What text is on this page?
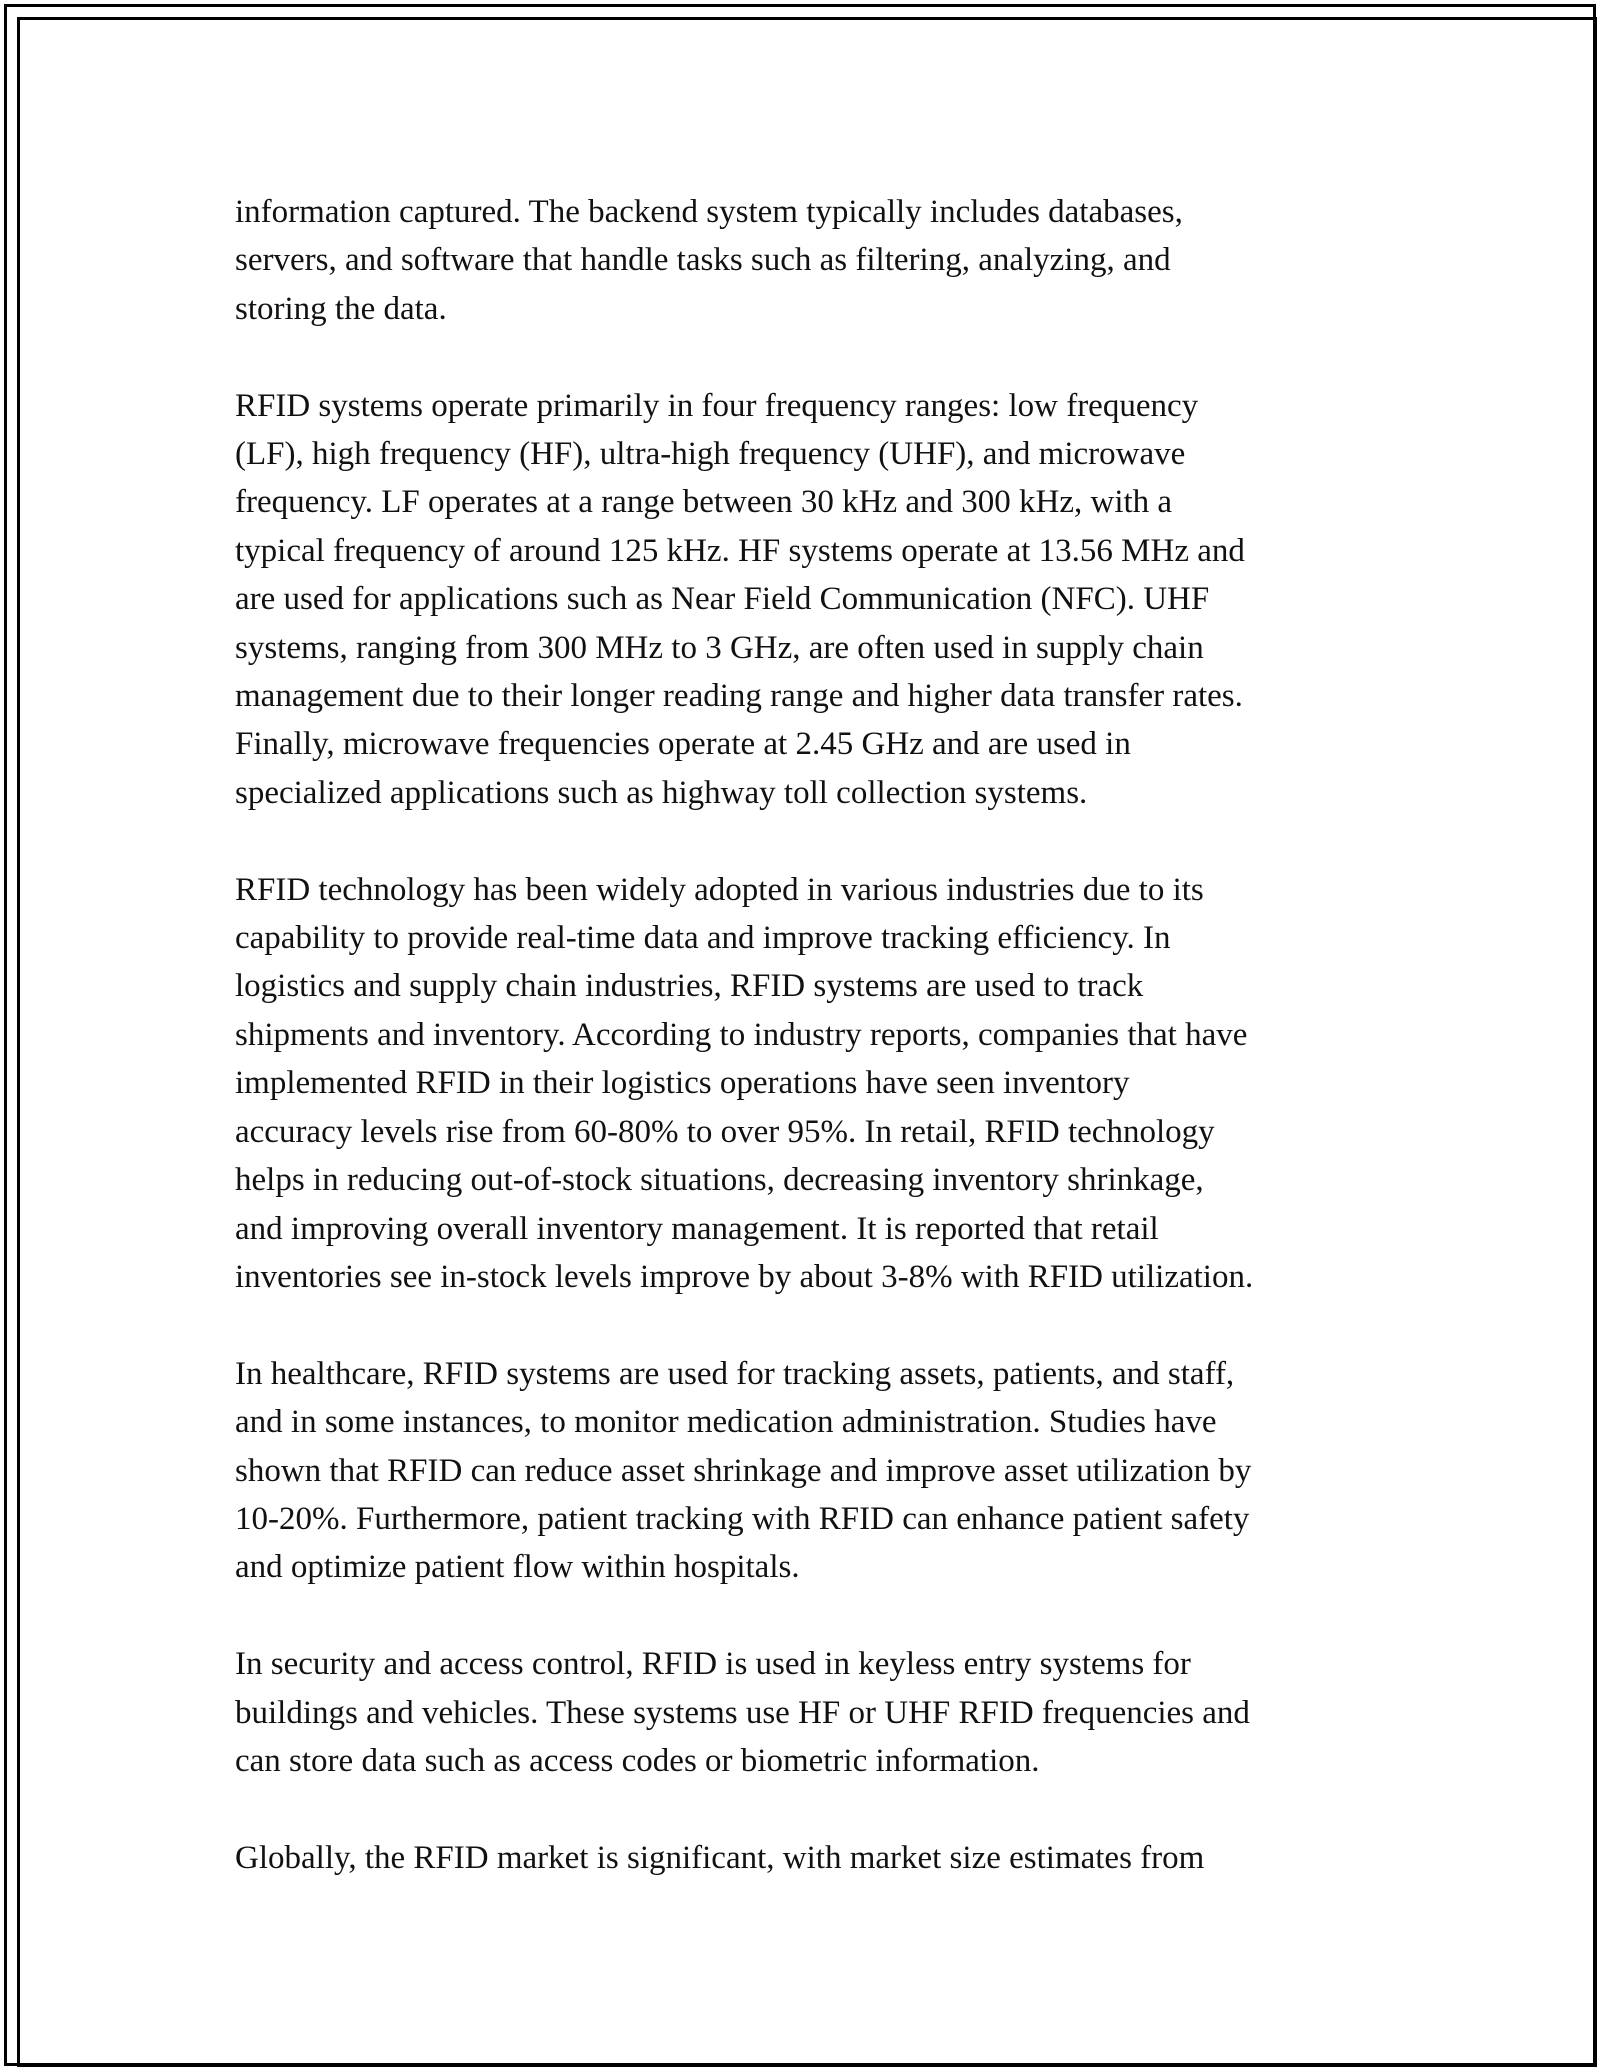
information captured. The backend system typically includes databases,
servers, and software that handle tasks such as filtering, analyzing, and
storing the data.

RFID systems operate primarily in four frequency ranges: low frequency
(LF), high frequency (HF), ultra-high frequency (UHF), and microwave
frequency. LF operates at a range between 30 kHz and 300 kHz, with a
typical frequency of around 125 kHz. HF systems operate at 13.56 MHz and
are used for applications such as Near Field Communication (NFC). UHF
systems, ranging from 300 MHz to 3 GHz, are often used in supply chain
management due to their longer reading range and higher data transfer rates.
Finally, microwave frequencies operate at 2.45 GHz and are used in
specialized applications such as highway toll collection systems.

RFID technology has been widely adopted in various industries due to its
capability to provide real-time data and improve tracking efficiency. In
logistics and supply chain industries, RFID systems are used to track
shipments and inventory. According to industry reports, companies that have
implemented RFID in their logistics operations have seen inventory
accuracy levels rise from 60-80% to over 95%. In retail, RFID technology
helps in reducing out-of-stock situations, decreasing inventory shrinkage,
and improving overall inventory management. It is reported that retail
inventories see in-stock levels improve by about 3-8% with RFID utilization.

In healthcare, RFID systems are used for tracking assets, patients, and staff,
and in some instances, to monitor medication administration. Studies have
shown that RFID can reduce asset shrinkage and improve asset utilization by
10-20%. Furthermore, patient tracking with RFID can enhance patient safety
and optimize patient flow within hospitals.

In security and access control, RFID is used in keyless entry systems for
buildings and vehicles. These systems use HF or UHF RFID frequencies and
can store data such as access codes or biometric information.

Globally, the RFID market is significant, with market size estimates from
